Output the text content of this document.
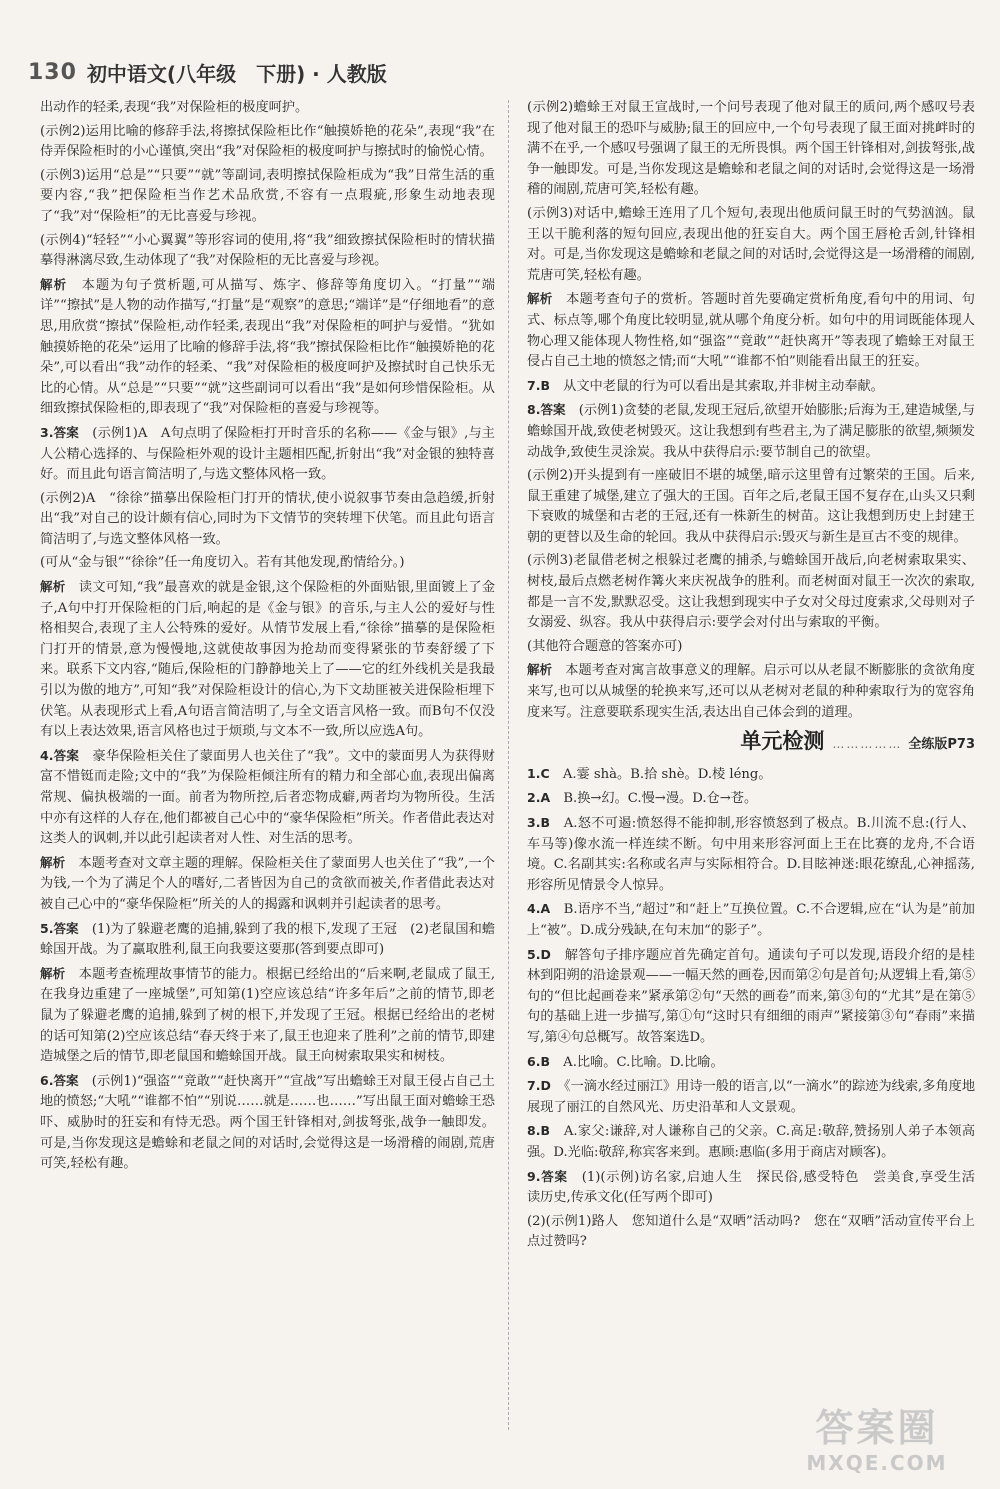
130 初中语文(八年级　下册) · 人教版

出动作的轻柔,表现“我”对保险柜的极度呵护。

(示例2)运用比喻的修辞手法,将擦拭保险柜比作“触摸娇艳的花朵”,表现“我”在侍弄保险柜时的小心谨慎,突出“我”对保险柜的极度呵护与擦拭时的愉悦心情。

(示例3)运用“总是”“只要”“就”等副词,表明擦拭保险柜成为“我”日常生活的重要内容,“我”把保险柜当作艺术品欣赏,不容有一点瑕疵,形象生动地表现了“我”对“保险柜”的无比喜爱与珍视。

(示例4)“轻轻”“小心翼翼”等形容词的使用,将“我”细致擦拭保险柜时的情状描摹得淋漓尽致,生动体现了“我”对保险柜的无比喜爱与珍视。

解析　 本题为句子赏析题,可从描写、炼字、修辞等角度切入。“打量”“端详”“擦拭”是人物的动作描写,“打量”是“观察”的意思;“端详”是“仔细地看”的意思,用欣赏“擦拭”保险柜,动作轻柔,表现出“我”对保险柜的呵护与爱惜。“犹如触摸娇艳的花朵”运用了比喻的修辞手法,将“我”擦拭保险柜比作“触摸娇艳的花朵”,可以看出“我”动作的轻柔、“我”对保险柜的极度呵护及擦拭时自己快乐无比的心情。从“总是”“只要”“就”这些副词可以看出“我”是如何珍惜保险柜。从细致擦拭保险柜的,即表现了“我”对保险柜的喜爱与珍视等。

3.答案　 (示例1)A　A句点明了保险柜打开时音乐的名称——《金与银》,与主人公精心选择的、与保险柜外观的设计主题相匹配,折射出“我”对金银的独特喜好。而且此句语言简洁明了,与选文整体风格一致。

(示例2)A　“徐徐”描摹出保险柜门打开的情状,使小说叙事节奏由急趋缓,折射出“我”对自己的设计颇有信心,同时为下文情节的突转埋下伏笔。而且此句语言简洁明了,与选文整体风格一致。

(可从“金与银”“徐徐”任一角度切入。若有其他发现,酌情给分。)

解析　 读文可知,“我”最喜欢的就是金银,这个保险柜的外面贴银,里面镀上了金子,A句中打开保险柜的门后,响起的是《金与银》的音乐,与主人公的爱好与性格相契合,表现了主人公特殊的爱好。从情节发展上看,“徐徐”描摹的是保险柜门打开的情景,意为慢慢地,这就使故事因为抢劫而变得紧张的节奏舒缓了下来。联系下文内容,“随后,保险柜的门静静地关上了——它的红外线机关是我最引以为傲的地方”,可知“我”对保险柜设计的信心,为下文劫匪被关进保险柜埋下伏笔。从表现形式上看,A句语言简洁明了,与全文语言风格一致。而B句不仅没有以上表达效果,语言风格也过于烦琐,与文本不一致,所以应选A句。

4.答案　 豪华保险柜关住了蒙面男人也关住了“我”。文中的蒙面男人为获得财富不惜铤而走险;文中的“我”为保险柜倾注所有的精力和全部心血,表现出偏离常规、偏执极端的一面。前者为物所控,后者恋物成癖,两者均为物所役。生活中亦有这样的人存在,他们都被自己心中的“豪华保险柜”所关。作者借此表达对这类人的讽刺,并以此引起读者对人性、对生活的思考。

解析　 本题考查对文章主题的理解。保险柜关住了蒙面男人也关住了“我”,一个为钱,一个为了满足个人的嗜好,二者皆因为自己的贪欲而被关,作者借此表达对被自己心中的“豪华保险柜”所关的人的揭露和讽刺并引起读者的思考。

5.答案　 (1)为了躲避老鹰的追捕,躲到了我的根下,发现了王冠　(2)老鼠国和蟾蜍国开战。为了赢取胜利,鼠王向我要这要那(答到要点即可)

解析　 本题考查梳理故事情节的能力。根据已经给出的“后来啊,老鼠成了鼠王,在我身边重建了一座城堡”,可知第(1)空应该总结“许多年后”之前的情节,即老鼠为了躲避老鹰的追捕,躲到了树的根下,并发现了王冠。根据已经给出的老树的话可知第(2)空应该总结“春天终于来了,鼠王也迎来了胜利”之前的情节,即建造城堡之后的情节,即老鼠国和蟾蜍国开战。鼠王向树索取果实和树枝。

6.答案　 (示例1)“强盗”“竟敢”“赶快离开”“宣战”写出蟾蜍王对鼠王侵占自己土地的愤怒;“大吼”“谁都不怕”“别说……就是……也……”写出鼠王面对蟾蜍王恐吓、威胁时的狂妄和有恃无恐。两个国王针锋相对,剑拔弩张,战争一触即发。可是,当你发现这是蟾蜍和老鼠之间的对话时,会觉得这是一场滑稽的闹剧,荒唐可笑,轻松有趣。

(示例2)蟾蜍王对鼠王宣战时,一个问号表现了他对鼠王的质问,两个感叹号表现了他对鼠王的恐吓与威胁;鼠王的回应中,一个句号表现了鼠王面对挑衅时的满不在乎,一个感叹号强调了鼠王的无所畏惧。两个国王针锋相对,剑拔弩张,战争一触即发。可是,当你发现这是蟾蜍和老鼠之间的对话时,会觉得这是一场滑稽的闹剧,荒唐可笑,轻松有趣。

(示例3)对话中,蟾蜍王连用了几个短句,表现出他质问鼠王时的气势汹汹。鼠王以干脆利落的短句回应,表现出他的狂妄自大。两个国王唇枪舌剑,针锋相对。可是,当你发现这是蟾蜍和老鼠之间的对话时,会觉得这是一场滑稽的闹剧,荒唐可笑,轻松有趣。

解析　 本题考查句子的赏析。答题时首先要确定赏析角度,看句中的用词、句式、标点等,哪个角度比较明显,就从哪个角度分析。如句中的用词既能体现人物心理又能体现人物性格,如“强盗”“竟敢”“赶快离开”等表现了蟾蜍王对鼠王侵占自己土地的愤怒之情;而“大吼”“谁都不怕”则能看出鼠王的狂妄。

7.B　 从文中老鼠的行为可以看出是其索取,并非树主动奉献。

8.答案　 (示例1)贪婪的老鼠,发现王冠后,欲望开始膨胀;后海为王,建造城堡,与蟾蜍国开战,致使老树毁灭。这让我想到有些君主,为了满足膨胀的欲望,频频发动战争,致使生灵涂炭。我从中获得启示:要节制自己的欲望。

(示例2)开头提到有一座破旧不堪的城堡,暗示这里曾有过繁荣的王国。后来,鼠王重建了城堡,建立了强大的王国。百年之后,老鼠王国不复存在,山头又只剩下衰败的城堡和古老的王冠,还有一株新生的树苗。这让我想到历史上封建王朝的更替以及生命的轮回。我从中获得启示:毁灭与新生是亘古不变的规律。

(示例3)老鼠借老树之根躲过老鹰的捕杀,与蟾蜍国开战后,向老树索取果实、树枝,最后点燃老树作篝火来庆祝战争的胜利。而老树面对鼠王一次次的索取,都是一言不发,默默忍受。这让我想到现实中子女对父母过度索求,父母则对子女溺爱、纵容。我从中获得启示:要学会对付出与索取的平衡。

(其他符合题意的答案亦可)

解析　 本题考查对寓言故事意义的理解。启示可以从老鼠不断膨胀的贪欲角度来写,也可以从城堡的轮换来写,还可以从老树对老鼠的种种索取行为的宽容角度来写。注意要联系现实生活,表达出自己体会到的道理。

单元检测 …………… 全练版P73

1.C　 A.霎 shà。B.拾 shè。D.棱 léng。

2.A　 B.换→幻。C.慢→漫。D.仓→苍。

3.B　 A.怒不可遏:愤怒得不能抑制,形容愤怒到了极点。B.川流不息:(行人、车马等)像水流一样连续不断。句中用来形容河面上王在比赛的龙舟,不合语境。C.名副其实:名称或名声与实际相符合。D.目眩神迷:眼花缭乱,心神摇荡,形容所见情景令人惊异。

4.A　 B.语序不当,“超过”和“赶上”互换位置。C.不合逻辑,应在“认为是”前加上“被”。D.成分残缺,在句末加“的影子”。

5.D　 解答句子排序题应首先确定首句。通读句子可以发现,语段介绍的是桂林到阳朔的沿途景观——一幅天然的画卷,因而第②句是首句;从逻辑上看,第⑤句的“但比起画卷来”紧承第②句“天然的画卷”而来,第③句的“尤其”是在第⑤句的基础上进一步描写,第①句“这时只有细细的雨声”紧接第③句“春雨”来描写,第④句总概写。故答案选D。

6.B　 A.比喻。C.比喻。D.比喻。

7.D　 《一滴水经过丽江》用诗一般的语言,以“一滴水”的踪迹为线索,多角度地展现了丽江的自然风光、历史沿革和人文景观。

8.B　 A.家父:谦辞,对人谦称自己的父亲。C.高足:敬辞,赞扬别人弟子本领高强。D.光临:敬辞,称宾客来到。惠顾:惠临(多用于商店对顾客)。

9.答案　 (1)(示例)访名家,启迪人生　探民俗,感受特色　尝美食,享受生活　读历史,传承文化(任写两个即可)

(2)(示例1)路人　您知道什么是“双晒”活动吗?　您在“双晒”活动宣传平台上点过赞吗?

答案圈
MXQE.COM
